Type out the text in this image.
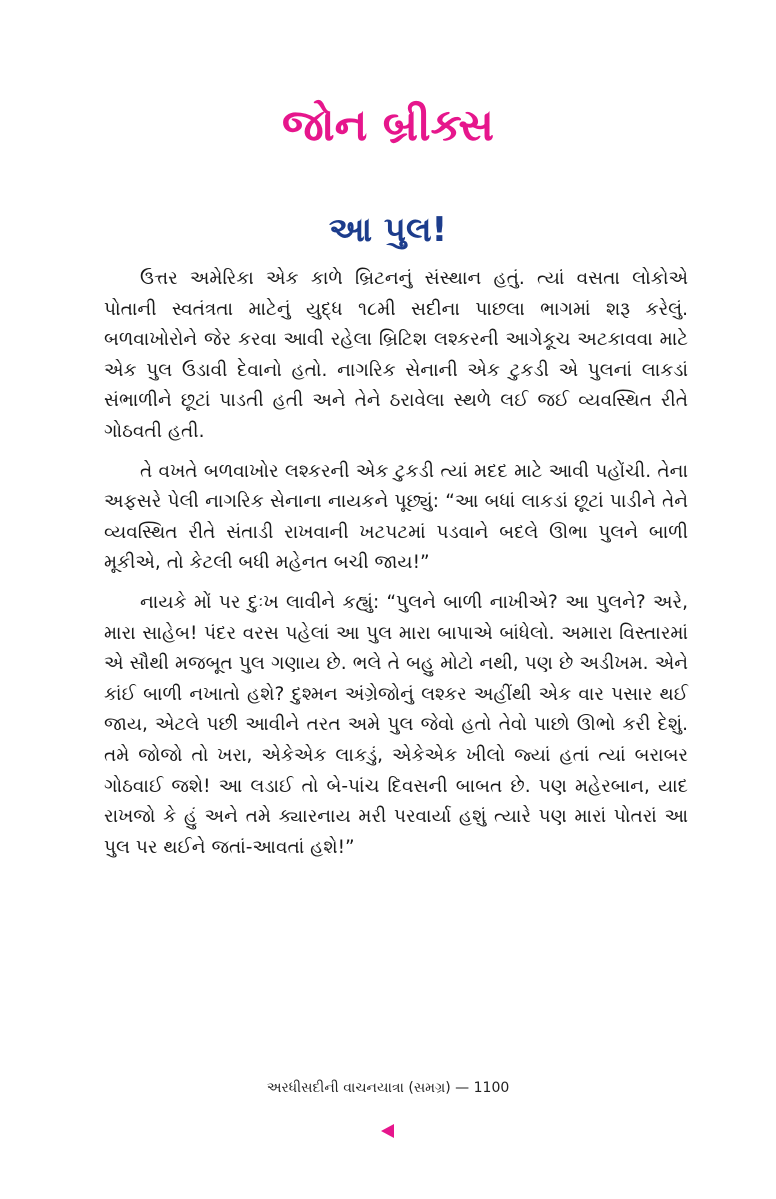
જોન બ્રીક્સ
આ પુલ!

ઉત્તર અમેરિકા એક કાળે બ્રિટનનું સંસ્થાન હતું. ત્યાં વસતા લોકોએ પોતાની સ્વતંત્રતા માટેનું યુદ્ધ ૧૮મી સદીના પાછલા ભાગમાં શરૂ કરેલું. બળવાખોરોને જેર કરવા આવી રહેલા બ્રિટિશ લશ્કરની આગેકૂચ અટકાવવા માટે એક પુલ ઉડાવી દેવાનો હતો. નાગરિક સેનાની એક ટુકડી એ પુલનાં લાકડાં સંભાળીને છૂટાં પાડતી હતી અને તેને ઠરાવેલા સ્થળે લઈ જઈ વ્યવસ્થિત રીતે ગોઠવતી હતી.

તે વખતે બળવાખોર લશ્કરની એક ટુકડી ત્યાં મદદ માટે આવી પહોંચી. તેના અફસરે પેલી નાગરિક સેનાના નાયકને પૂછ્યું: “આ બધાં લાકડાં છૂટાં પાડીને તેને વ્યવસ્થિત રીતે સંતાડી રાખવાની ખટપટમાં પડવાને બદલે ઊભા પુલને બાળી મૂકીએ, તો કેટલી બધી મહેનત બચી જાય!”

નાયકે મોં પર દુઃખ લાવીને કહ્યું: “પુલને બાળી નાખીએ? આ પુલને? અરે, મારા સાહેબ! પંદર વરસ પહેલાં આ પુલ મારા બાપાએ બાંધેલો. અમારા વિસ્તારમાં એ સૌથી મજબૂત પુલ ગણાય છે. ભલે તે બહુ મોટો નથી, પણ છે અડીખમ. એને કાંઈ બાળી નખાતો હશે? દુશ્મન અંગ્રેજોનું લશ્કર અહીંથી એક વાર પસાર થઈ જાય, એટલે પછી આવીને તરત અમે પુલ જેવો હતો તેવો પાછો ઊભો કરી દેશું. તમે જોજો તો ખરા, એકેએક લાકડું, એકેએક ખીલો જ્યાં હતાં ત્યાં બરાબર ગોઠવાઈ જશે! આ લડાઈ તો બે-પાંચ દિવસની બાબત છે. પણ મહેરબાન, યાદ રાખજો કે હું અને તમે ક્યારનાય મરી પરવાર્યા હશું ત્યારે પણ મારાં પોતરાં આ પુલ પર થઈને જતાં-આવતાં હશે!”

અરધીસદીની વાચનયાત્રા (સમગ્ર) — 1100
